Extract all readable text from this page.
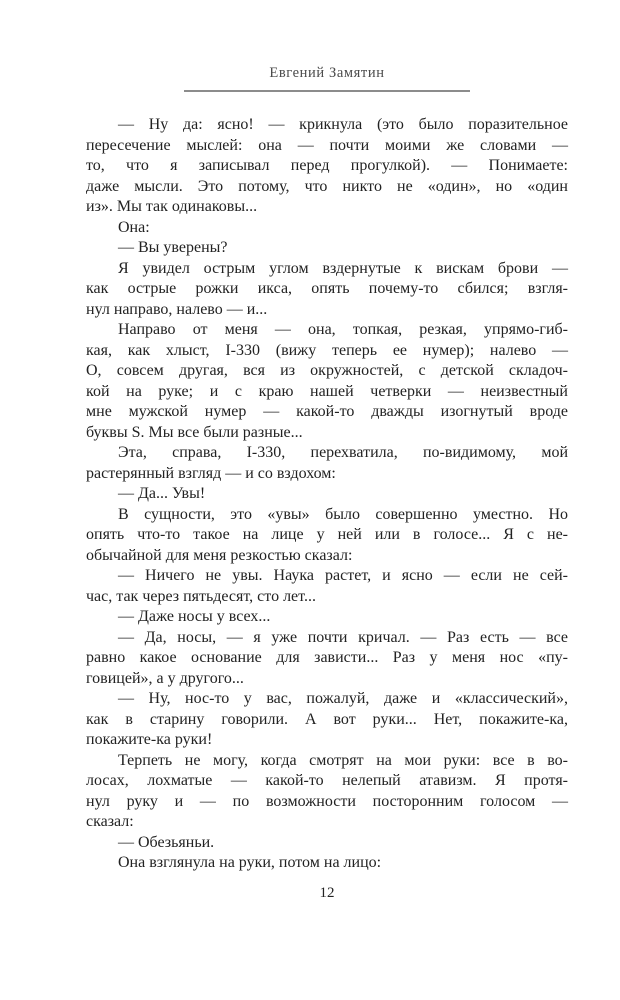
Евгений Замятин
— Ну да: ясно! — крикнула (это было поразительное
пересечение мыслей: она — почти моими же словами —
то, что я записывал перед прогулкой). — Понимаете:
даже мысли. Это потому, что никто не «один», но «один
из». Мы так одинаковы...
Она:
— Вы уверены?
Я увидел острым углом вздернутые к вискам брови —
как острые рожки икса, опять почему-то сбился; взгля-
нул направо, налево — и...
Направо от меня — она, топкая, резкая, упрямо-гиб-
кая, как хлыст, I-330 (вижу теперь ее нумер); налево —
О, совсем другая, вся из окружностей, с детской складоч-
кой на руке; и с краю нашей четверки — неизвестный
мне мужской нумер — какой-то дважды изогнутый вроде
буквы S. Мы все были разные...
Эта, справа, I-330, перехватила, по-видимому, мой
растерянный взгляд — и со вздохом:
— Да... Увы!
В сущности, это «увы» было совершенно уместно. Но
опять что-то такое на лице у ней или в голосе... Я с не-
обычайной для меня резкостью сказал:
— Ничего не увы. Наука растет, и ясно — если не сей-
час, так через пятьдесят, сто лет...
— Даже носы у всех...
— Да, носы, — я уже почти кричал. — Раз есть — все
равно какое основание для зависти... Раз у меня нос «пу-
говицей», а у другого...
— Ну, нос-то у вас, пожалуй, даже и «классический»,
как в старину говорили. А вот руки... Нет, покажите-ка,
покажите-ка руки!
Терпеть не могу, когда смотрят на мои руки: все в во-
лосах, лохматые — какой-то нелепый атавизм. Я протя-
нул руку и — по возможности посторонним голосом —
сказал:
— Обезьяньи.
Она взглянула на руки, потом на лицо:
12
